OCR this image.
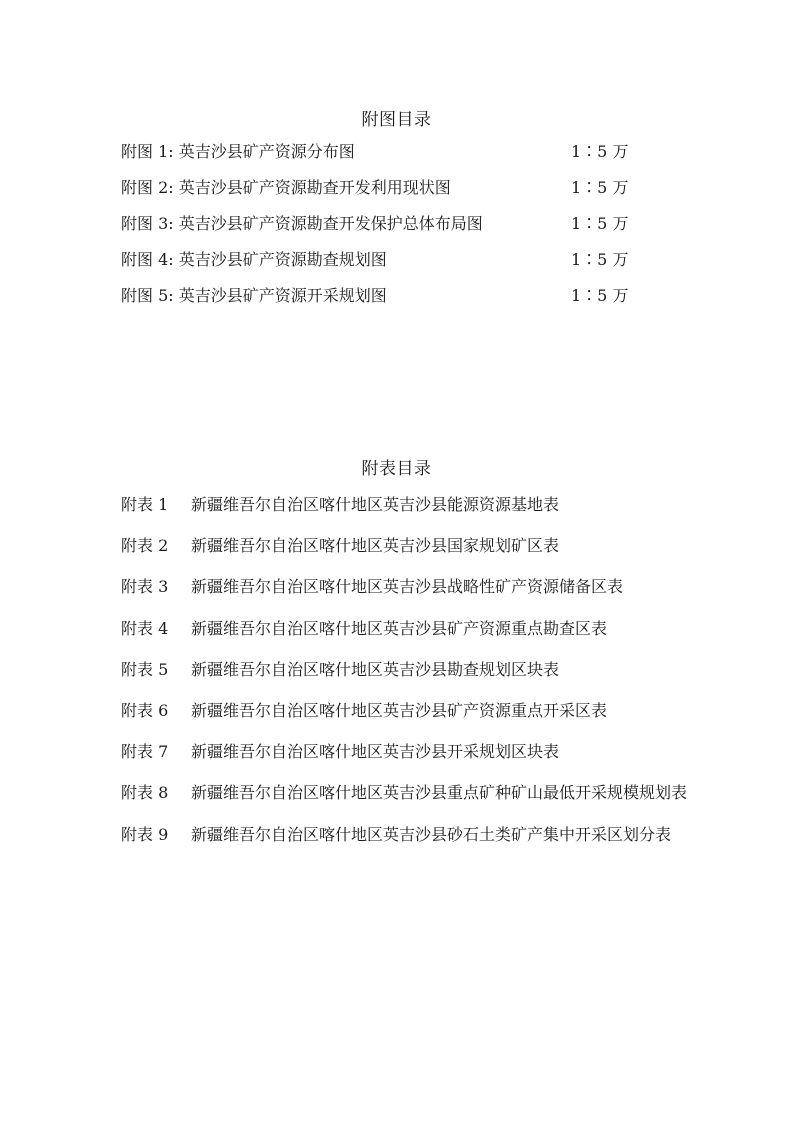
附图目录
附图 1: 英吉沙县矿产资源分布图	1∶5 万
附图 2: 英吉沙县矿产资源勘查开发利用现状图	1∶5 万
附图 3: 英吉沙县矿产资源勘查开发保护总体布局图	1∶5 万
附图 4: 英吉沙县矿产资源勘查规划图	1∶5 万
附图 5: 英吉沙县矿产资源开采规划图	1∶5 万
附表目录
附表 1 新疆维吾尔自治区喀什地区英吉沙县能源资源基地表
附表 2 新疆维吾尔自治区喀什地区英吉沙县国家规划矿区表
附表 3 新疆维吾尔自治区喀什地区英吉沙县战略性矿产资源储备区表
附表 4 新疆维吾尔自治区喀什地区英吉沙县矿产资源重点勘查区表
附表 5 新疆维吾尔自治区喀什地区英吉沙县勘查规划区块表
附表 6 新疆维吾尔自治区喀什地区英吉沙县矿产资源重点开采区表
附表 7 新疆维吾尔自治区喀什地区英吉沙县开采规划区块表
附表 8 新疆维吾尔自治区喀什地区英吉沙县重点矿种矿山最低开采规模规划表
附表 9 新疆维吾尔自治区喀什地区英吉沙县砂石土类矿产集中开采区划分表
